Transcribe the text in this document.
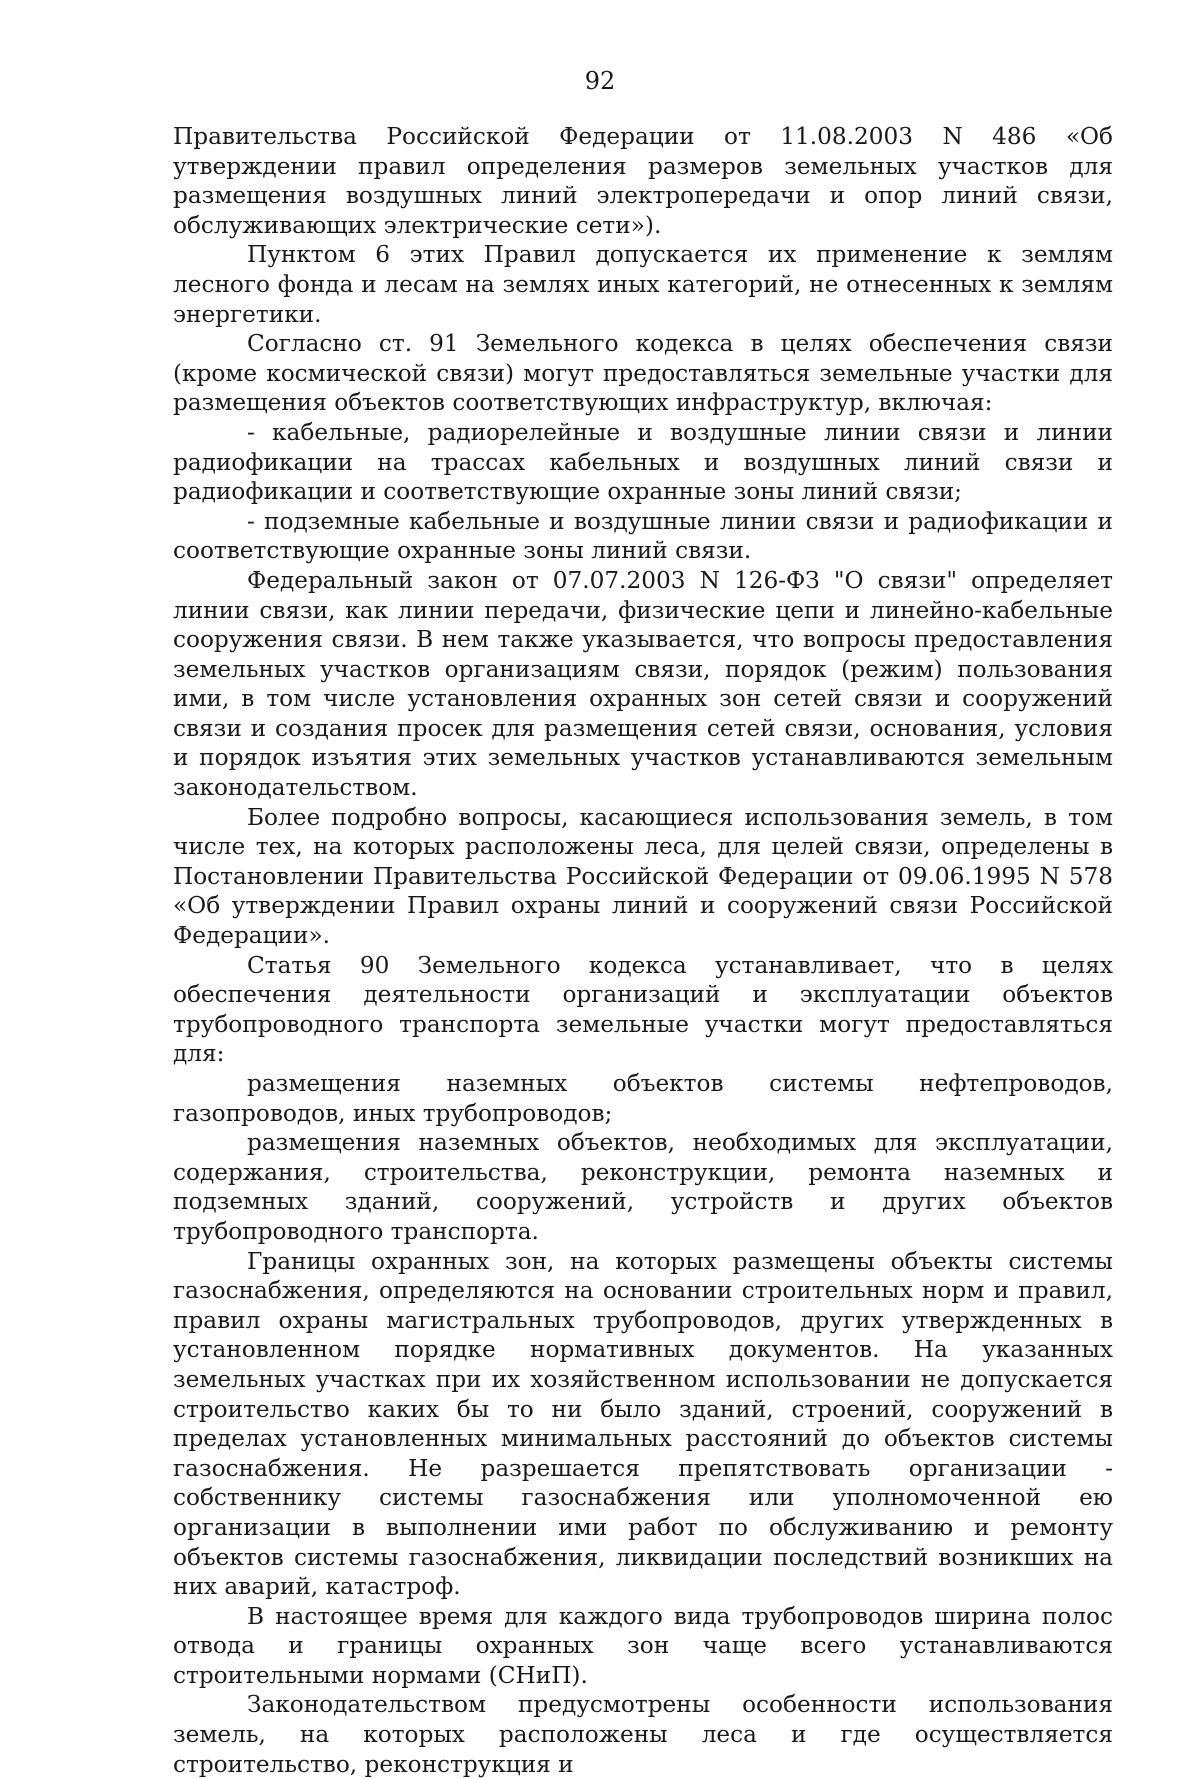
92

Правительства Российской Федерации от 11.08.2003 N 486 «Об утверждении правил определения размеров земельных участков для размещения воздушных линий электропередачи и опор линий связи, обслуживающих электрические сети»).

Пунктом 6 этих Правил допускается их применение к землям лесного фонда и лесам на землях иных категорий, не отнесенных к землям энергетики.

Согласно ст. 91 Земельного кодекса в целях обеспечения связи (кроме космической связи) могут предоставляться земельные участки для размещения объектов соответствующих инфраструктур, включая:

- кабельные, радиорелейные и воздушные линии связи и линии радиофикации на трассах кабельных и воздушных линий связи и радиофикации и соответствующие охранные зоны линий связи;

- подземные кабельные и воздушные линии связи и радиофикации и соответствующие охранные зоны линий связи.

Федеральный закон от 07.07.2003 N 126-ФЗ "О связи" определяет линии связи, как линии передачи, физические цепи и линейно-кабельные сооружения связи. В нем также указывается, что вопросы предоставления земельных участков организациям связи, порядок (режим) пользования ими, в том числе установления охранных зон сетей связи и сооружений связи и создания просек для размещения сетей связи, основания, условия и порядок изъятия этих земельных участков устанавливаются земельным законодательством.

Более подробно вопросы, касающиеся использования земель, в том числе тех, на которых расположены леса, для целей связи, определены в Постановлении Правительства Российской Федерации от 09.06.1995 N 578 «Об утверждении Правил охраны линий и сооружений связи Российской Федерации».

Статья 90 Земельного кодекса устанавливает, что в целях обеспечения деятельности организаций и эксплуатации объектов трубопроводного транспорта земельные участки могут предоставляться для:

размещения наземных объектов системы нефтепроводов, газопроводов, иных трубопроводов;

размещения наземных объектов, необходимых для эксплуатации, содержания, строительства, реконструкции, ремонта наземных и подземных зданий, сооружений, устройств и других объектов трубопроводного транспорта.

Границы охранных зон, на которых размещены объекты системы газоснабжения, определяются на основании строительных норм и правил, правил охраны магистральных трубопроводов, других утвержденных в установленном порядке нормативных документов. На указанных земельных участках при их хозяйственном использовании не допускается строительство каких бы то ни было зданий, строений, сооружений в пределах установленных минимальных расстояний до объектов системы газоснабжения. Не разрешается препятствовать организации - собственнику системы газоснабжения или уполномоченной ею организации в выполнении ими работ по обслуживанию и ремонту объектов системы газоснабжения, ликвидации последствий возникших на них аварий, катастроф.

В настоящее время для каждого вида трубопроводов ширина полос отвода и границы охранных зон чаще всего устанавливаются строительными нормами (СНиП).

Законодательством предусмотрены особенности использования земель, на которых расположены леса и где осуществляется строительство, реконструкция и
